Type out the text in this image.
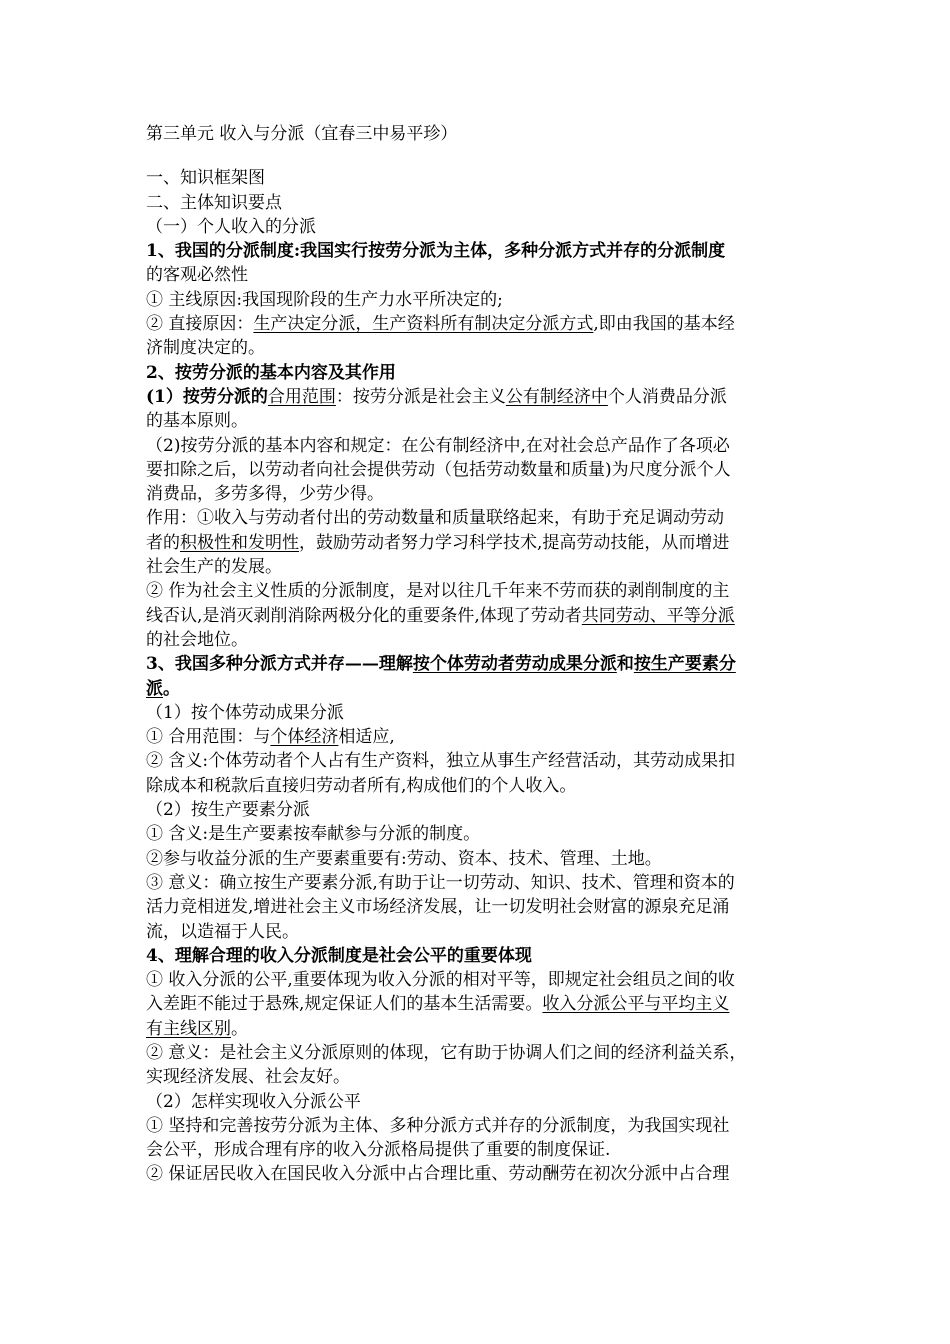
第三单元 收入与分派（宜春三中易平珍）
一、知识框架图
二、主体知识要点
（一）个人收入的分派
1、我国的分派制度:我国实行按劳分派为主体，多种分派方式并存的分派制度
的客观必然性
① 主线原因:我国现阶段的生产力水平所决定的;
② 直接原因：生产决定分派，生产资料所有制决定分派方式,即由我国的基本经
济制度决定的。
2、按劳分派的基本内容及其作用
(1）按劳分派的合用范围：按劳分派是社会主义公有制经济中个人消费品分派
的基本原则。
（2)按劳分派的基本内容和规定：在公有制经济中,在对社会总产品作了各项必
要扣除之后，以劳动者向社会提供劳动（包括劳动数量和质量)为尺度分派个人
消费品，多劳多得，少劳少得。
作用：①收入与劳动者付出的劳动数量和质量联络起来，有助于充足调动劳动
者的积极性和发明性，鼓励劳动者努力学习科学技术,提高劳动技能，从而增进
社会生产的发展。
② 作为社会主义性质的分派制度，是对以往几千年来不劳而获的剥削制度的主
线否认,是消灭剥削消除两极分化的重要条件,体现了劳动者共同劳动、平等分派
的社会地位。
3、我国多种分派方式并存——理解按个体劳动者劳动成果分派和按生产要素分
派。
（1）按个体劳动成果分派
① 合用范围：与个体经济相适应,
② 含义:个体劳动者个人占有生产资料，独立从事生产经营活动，其劳动成果扣
除成本和税款后直接归劳动者所有,构成他们的个人收入。
（2）按生产要素分派
① 含义:是生产要素按奉献参与分派的制度。
②参与收益分派的生产要素重要有:劳动、资本、技术、管理、土地。
③ 意义：确立按生产要素分派,有助于让一切劳动、知识、技术、管理和资本的
活力竞相迸发,增进社会主义市场经济发展，让一切发明社会财富的源泉充足涌
流，以造福于人民。
4、理解合理的收入分派制度是社会公平的重要体现
① 收入分派的公平,重要体现为收入分派的相对平等，即规定社会组员之间的收
入差距不能过于悬殊,规定保证人们的基本生活需要。收入分派公平与平均主义
有主线区别。
② 意义：是社会主义分派原则的体现，它有助于协调人们之间的经济利益关系，
实现经济发展、社会友好。
（2）怎样实现收入分派公平
① 坚持和完善按劳分派为主体、多种分派方式并存的分派制度，为我国实现社
会公平，形成合理有序的收入分派格局提供了重要的制度保证.
② 保证居民收入在国民收入分派中占合理比重、劳动酬劳在初次分派中占合理
